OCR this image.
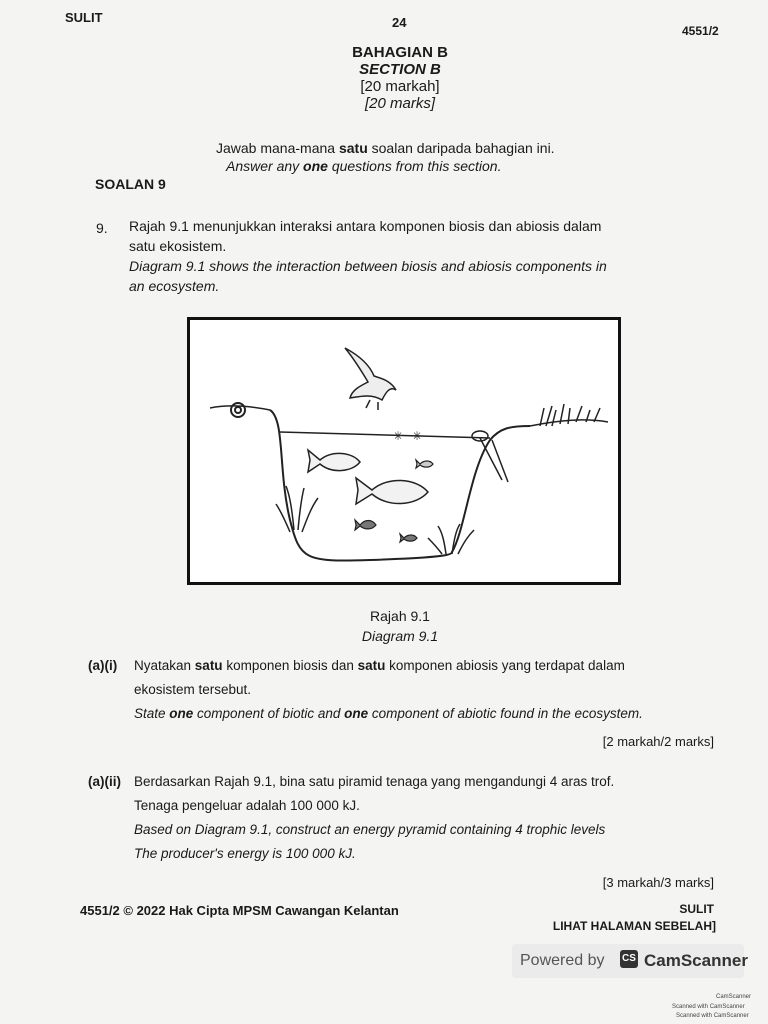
SULIT	24
4551/2
BAHAGIAN B
SECTION B
[20 markah]
[20 marks]
Jawab mana-mana satu soalan daripada bahagian ini.
Answer any one questions from this section.
SOALAN 9
9. Rajah 9.1 menunjukkan interaksi antara komponen biosis dan abiosis dalam
satu ekosistem.
Diagram 9.1 shows the interaction between biosis and abiosis components in
an ecosystem.
✳ ✳
Rajah 9.1
Diagram 9.1
(a)(i) Nyatakan satu komponen biosis dan satu komponen abiosis yang terdapat dalam
ekosistem tersebut.
State one component of biotic and one component of abiotic found in the ecosystem.
[2 markah/2 marks]
(a)(ii) Berdasarkan Rajah 9.1, bina satu piramid tenaga yang mengandungi 4 aras trof.
Tenaga pengeluar adalah 100 000 kJ.
Based on Diagram 9.1, construct an energy pyramid containing 4 trophic levels
The producer's energy is 100 000 kJ.
[3 markah/3 marks]
4551/2 © 2022 Hak Cipta MPSM Cawangan Kelantan	SULIT
LIHAT HALAMAN SEBELAH]
Powered by CS CamScanner
CamScanner
Scanned with CamScanner
Scanned with CamScanner
